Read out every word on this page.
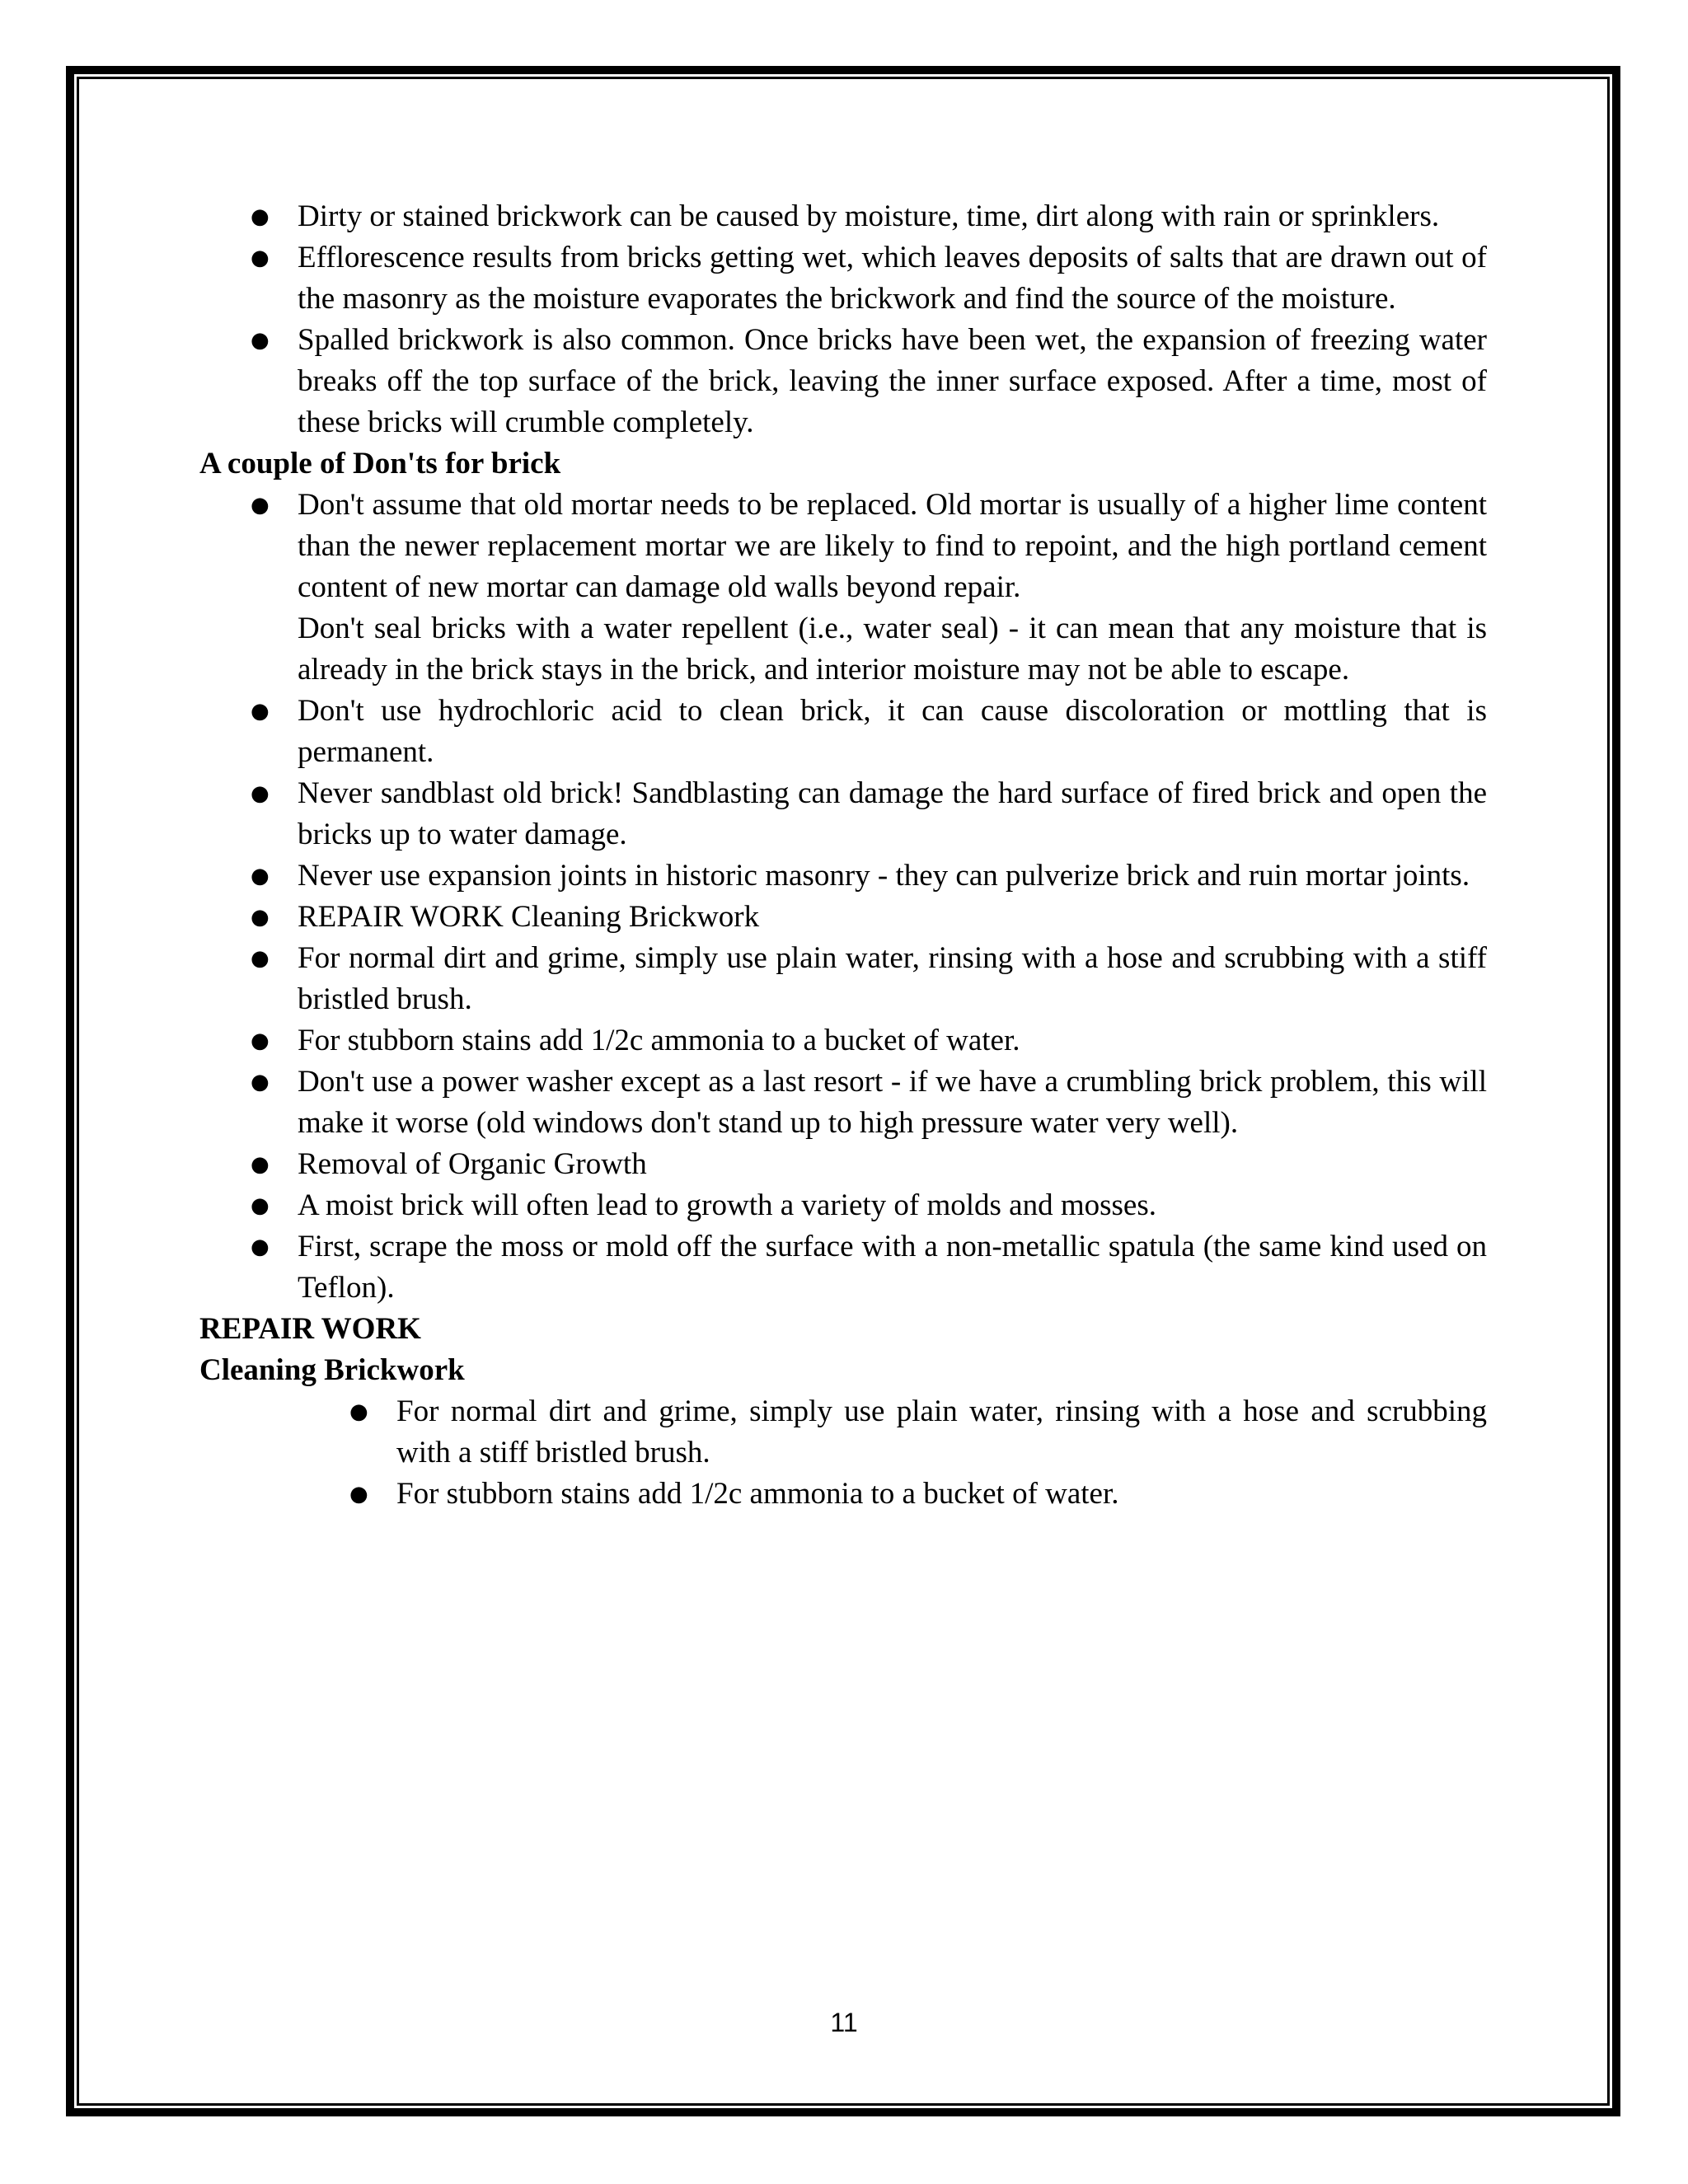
● Dirty or stained brickwork can be caused by moisture, time, dirt along with rain or sprinklers.
● Efflorescence results from bricks getting wet, which leaves deposits of salts that are drawn out of the masonry as the moisture evaporates the brickwork and find the source of the moisture.
● Spalled brickwork is also common. Once bricks have been wet, the expansion of freezing water breaks off the top surface of the brick, leaving the inner surface exposed. After a time, most of these bricks will crumble completely.
A couple of Don'ts for brick
● Don't assume that old mortar needs to be replaced. Old mortar is usually of a higher lime content than the newer replacement mortar we are likely to find to repoint, and the high portland cement content of new mortar can damage old walls beyond repair.
Don't seal bricks with a water repellent (i.e., water seal) - it can mean that any moisture that is already in the brick stays in the brick, and interior moisture may not be able to escape.
● Don't use hydrochloric acid to clean brick, it can cause discoloration or mottling that is permanent.
● Never sandblast old brick! Sandblasting can damage the hard surface of fired brick and open the bricks up to water damage.
● Never use expansion joints in historic masonry - they can pulverize brick and ruin mortar joints.
● REPAIR WORK Cleaning Brickwork
● For normal dirt and grime, simply use plain water, rinsing with a hose and scrubbing with a stiff bristled brush.
● For stubborn stains add 1/2c ammonia to a bucket of water.
● Don't use a power washer except as a last resort - if we have a crumbling brick problem, this will make it worse (old windows don't stand up to high pressure water very well).
● Removal of Organic Growth
● A moist brick will often lead to growth a variety of molds and mosses.
● First, scrape the moss or mold off the surface with a non-metallic spatula (the same kind used on Teflon).
REPAIR WORK
Cleaning Brickwork
● For normal dirt and grime, simply use plain water, rinsing with a hose and scrubbing with a stiff bristled brush.
● For stubborn stains add 1/2c ammonia to a bucket of water.
11
